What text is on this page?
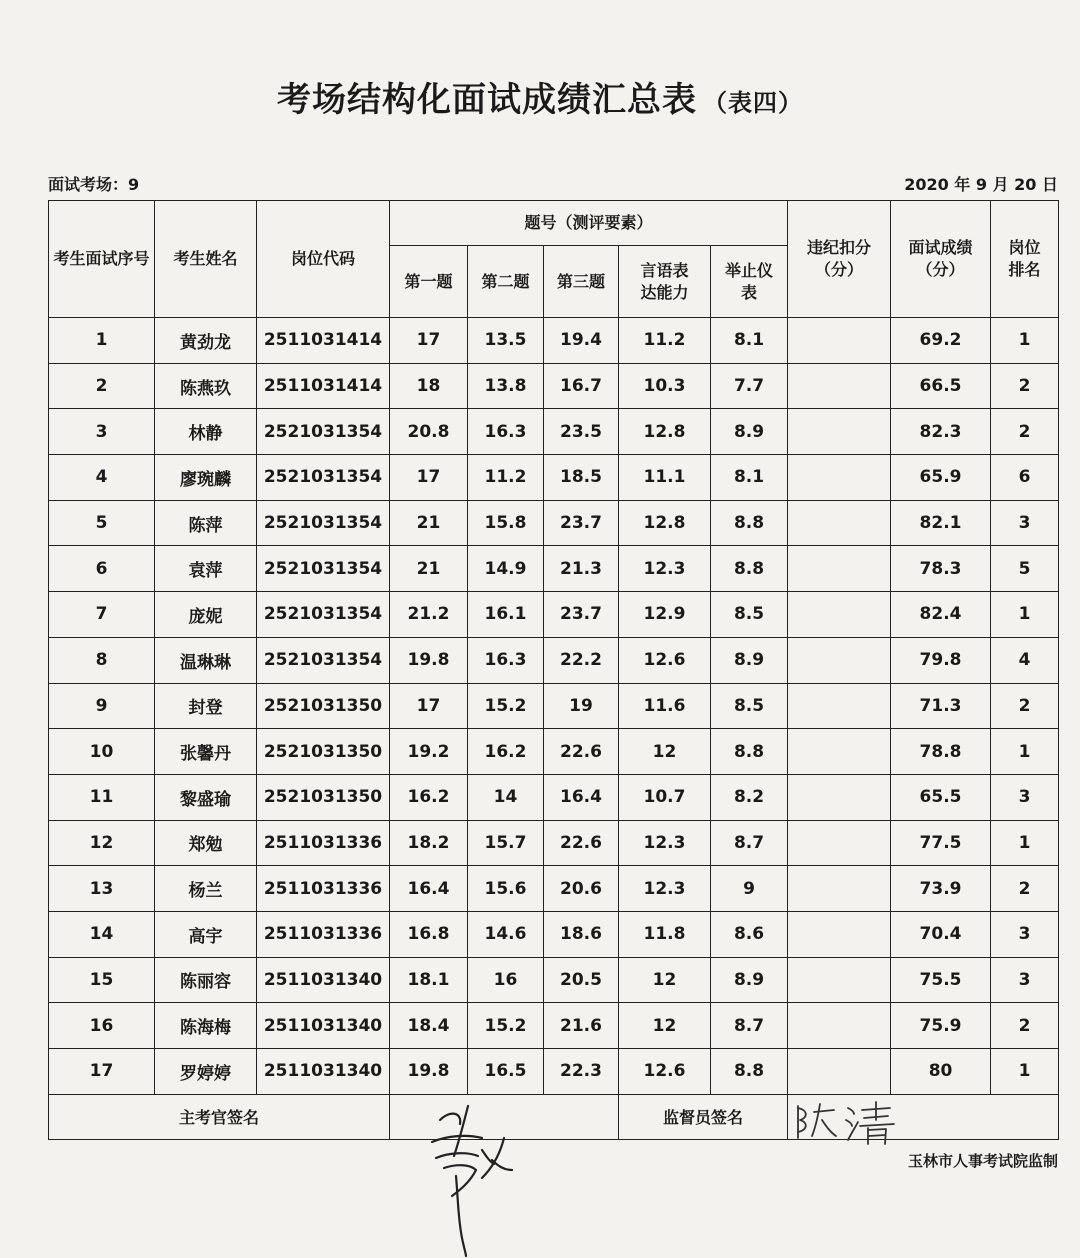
考场结构化面试成绩汇总表 （表四）
面试考场：9	2020 年 9 月 20 日
考生面试序号	考生姓名	岗位代码	题号（测评要素）					违纪扣分（分）	面试成绩（分）	岗位排名
			第一题	第二题	第三题	言语表达能力	举止仪表			
1	黄劲龙	2511031414	17	13.5	19.4	11.2	8.1		69.2	1
2	陈燕玖	2511031414	18	13.8	16.7	10.3	7.7		66.5	2
3	林静	2521031354	20.8	16.3	23.5	12.8	8.9		82.3	2
4	廖琬麟	2521031354	17	11.2	18.5	11.1	8.1		65.9	6
5	陈萍	2521031354	21	15.8	23.7	12.8	8.8		82.1	3
6	袁萍	2521031354	21	14.9	21.3	12.3	8.8		78.3	5
7	庞妮	2521031354	21.2	16.1	23.7	12.9	8.5		82.4	1
8	温琳琳	2521031354	19.8	16.3	22.2	12.6	8.9		79.8	4
9	封登	2521031350	17	15.2	19	11.6	8.5		71.3	2
10	张馨丹	2521031350	19.2	16.2	22.6	12	8.8		78.8	1
11	黎盛瑜	2521031350	16.2	14	16.4	10.7	8.2		65.5	3
12	郑勉	2511031336	18.2	15.7	22.6	12.3	8.7		77.5	1
13	杨兰	2511031336	16.4	15.6	20.6	12.3	9		73.9	2
14	高宇	2511031336	16.8	14.6	18.6	11.8	8.6		70.4	3
15	陈丽容	2511031340	18.1	16	20.5	12	8.9		75.5	3
16	陈海梅	2511031340	18.4	15.2	21.6	12	8.7		75.9	2
17	罗婷婷	2511031340	19.8	16.5	22.3	12.6	8.8		80	1
主考官签名						监督员签名				
玉林市人事考试院监制
